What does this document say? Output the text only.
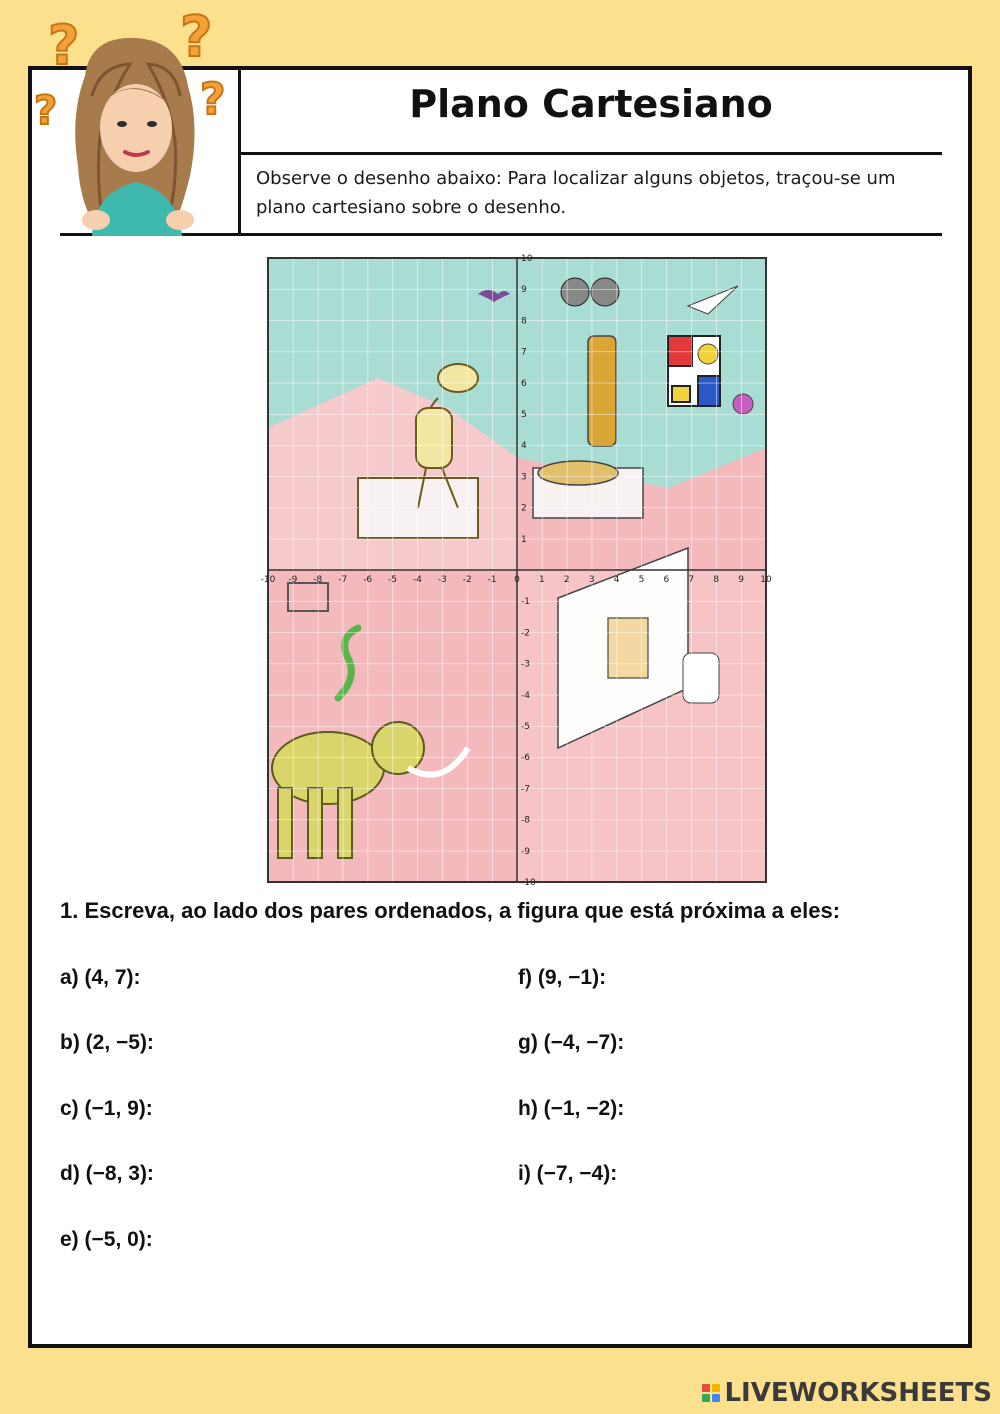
Plano Cartesiano
Observe o desenho abaixo: Para localizar alguns objetos, traçou-se um plano cartesiano sobre o desenho.
? ?
?	?
-10 -9 -8 -7 -6 -5 -4 -3 -2 -1 0 1 2 3 4 5 6 7 8 9 10
10
9
8
7
6
5
4
3
2
1
-1
-2
-3
-4
-5
-6
-7
-8
-9
-10
1. Escreva, ao lado dos pares ordenados, a figura que está próxima a eles:
a) (4, 7):
b) (2, −5):
c) (−1, 9):
d) (−8, 3):
e) (−5, 0):
f) (9, −1):
g) (−4, −7):
h) (−1, −2):
i) (−7, −4):
LIVEWORKSHEETS
